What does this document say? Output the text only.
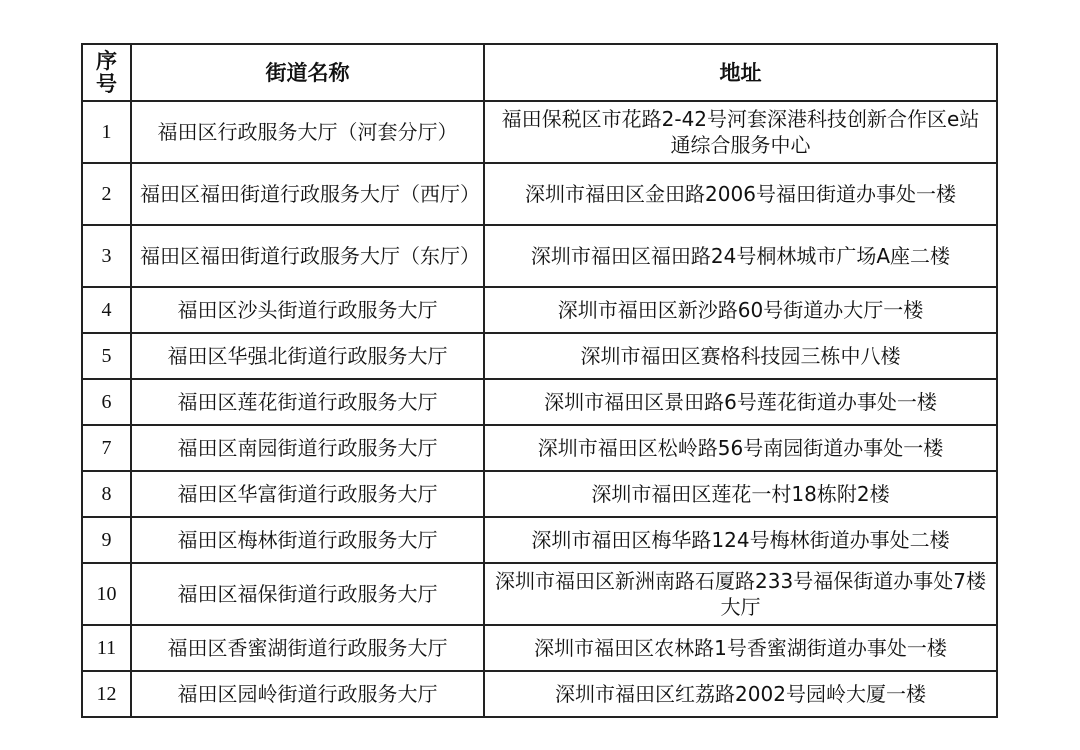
序号	街道名称	地址
1	福田区行政服务大厅（河套分厅）	福田保税区市花路2-42号河套深港科技创新合作区e站通综合服务中心
2	福田区福田街道行政服务大厅（西厅）	深圳市福田区金田路2006号福田街道办事处一楼
3	福田区福田街道行政服务大厅（东厅）	深圳市福田区福田路24号桐林城市广场A座二楼
4	福田区沙头街道行政服务大厅	深圳市福田区新沙路60号街道办大厅一楼
5	福田区华强北街道行政服务大厅	深圳市福田区赛格科技园三栋中八楼
6	福田区莲花街道行政服务大厅	深圳市福田区景田路6号莲花街道办事处一楼
7	福田区南园街道行政服务大厅	深圳市福田区松岭路56号南园街道办事处一楼
8	福田区华富街道行政服务大厅	深圳市福田区莲花一村18栋附2楼
9	福田区梅林街道行政服务大厅	深圳市福田区梅华路124号梅林街道办事处二楼
10	福田区福保街道行政服务大厅	深圳市福田区新洲南路石厦路233号福保街道办事处7楼大厅
11	福田区香蜜湖街道行政服务大厅	深圳市福田区农林路1号香蜜湖街道办事处一楼
12	福田区园岭街道行政服务大厅	深圳市福田区红荔路2002号园岭大厦一楼
